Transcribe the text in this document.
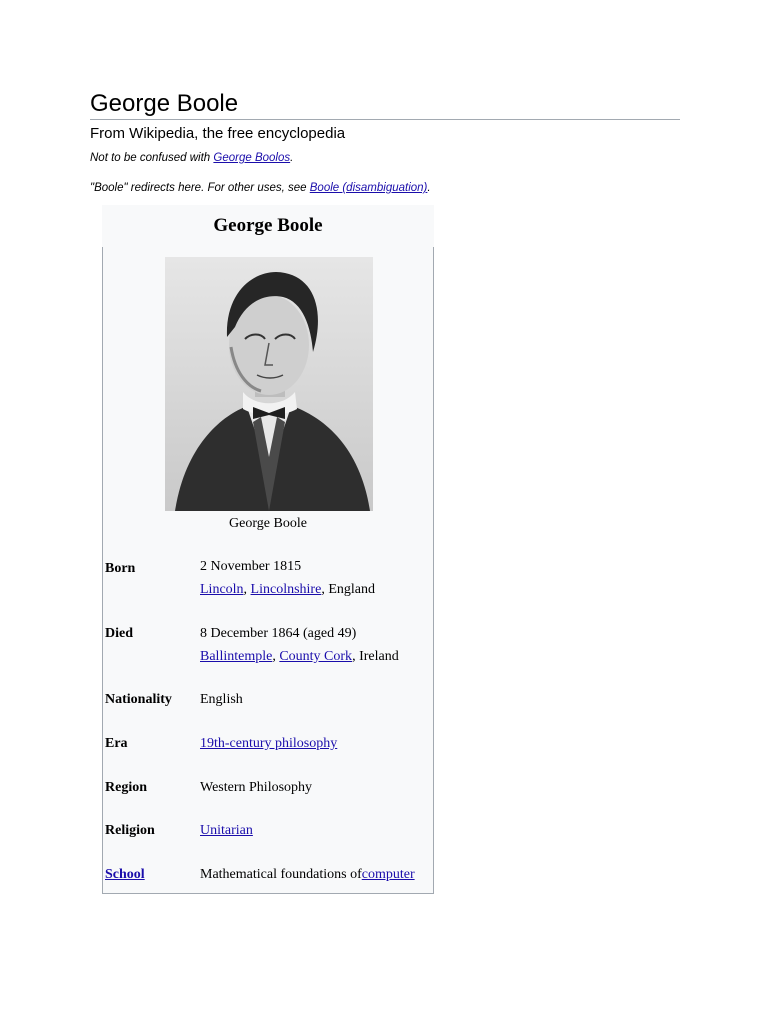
George Boole
From Wikipedia, the free encyclopedia
Not to be confused with George Boolos.
"Boole" redirects here. For other uses, see Boole (disambiguation).
George Boole
George Boole
Born	2 November 1815
Lincoln, Lincolnshire, England
Died	8 December 1864 (aged 49)
Ballintemple, County Cork, Ireland
Nationality English
Era	19th-century philosophy
Region	Western Philosophy
Religion	Unitarian
School	Mathematical foundations ofcomputer
